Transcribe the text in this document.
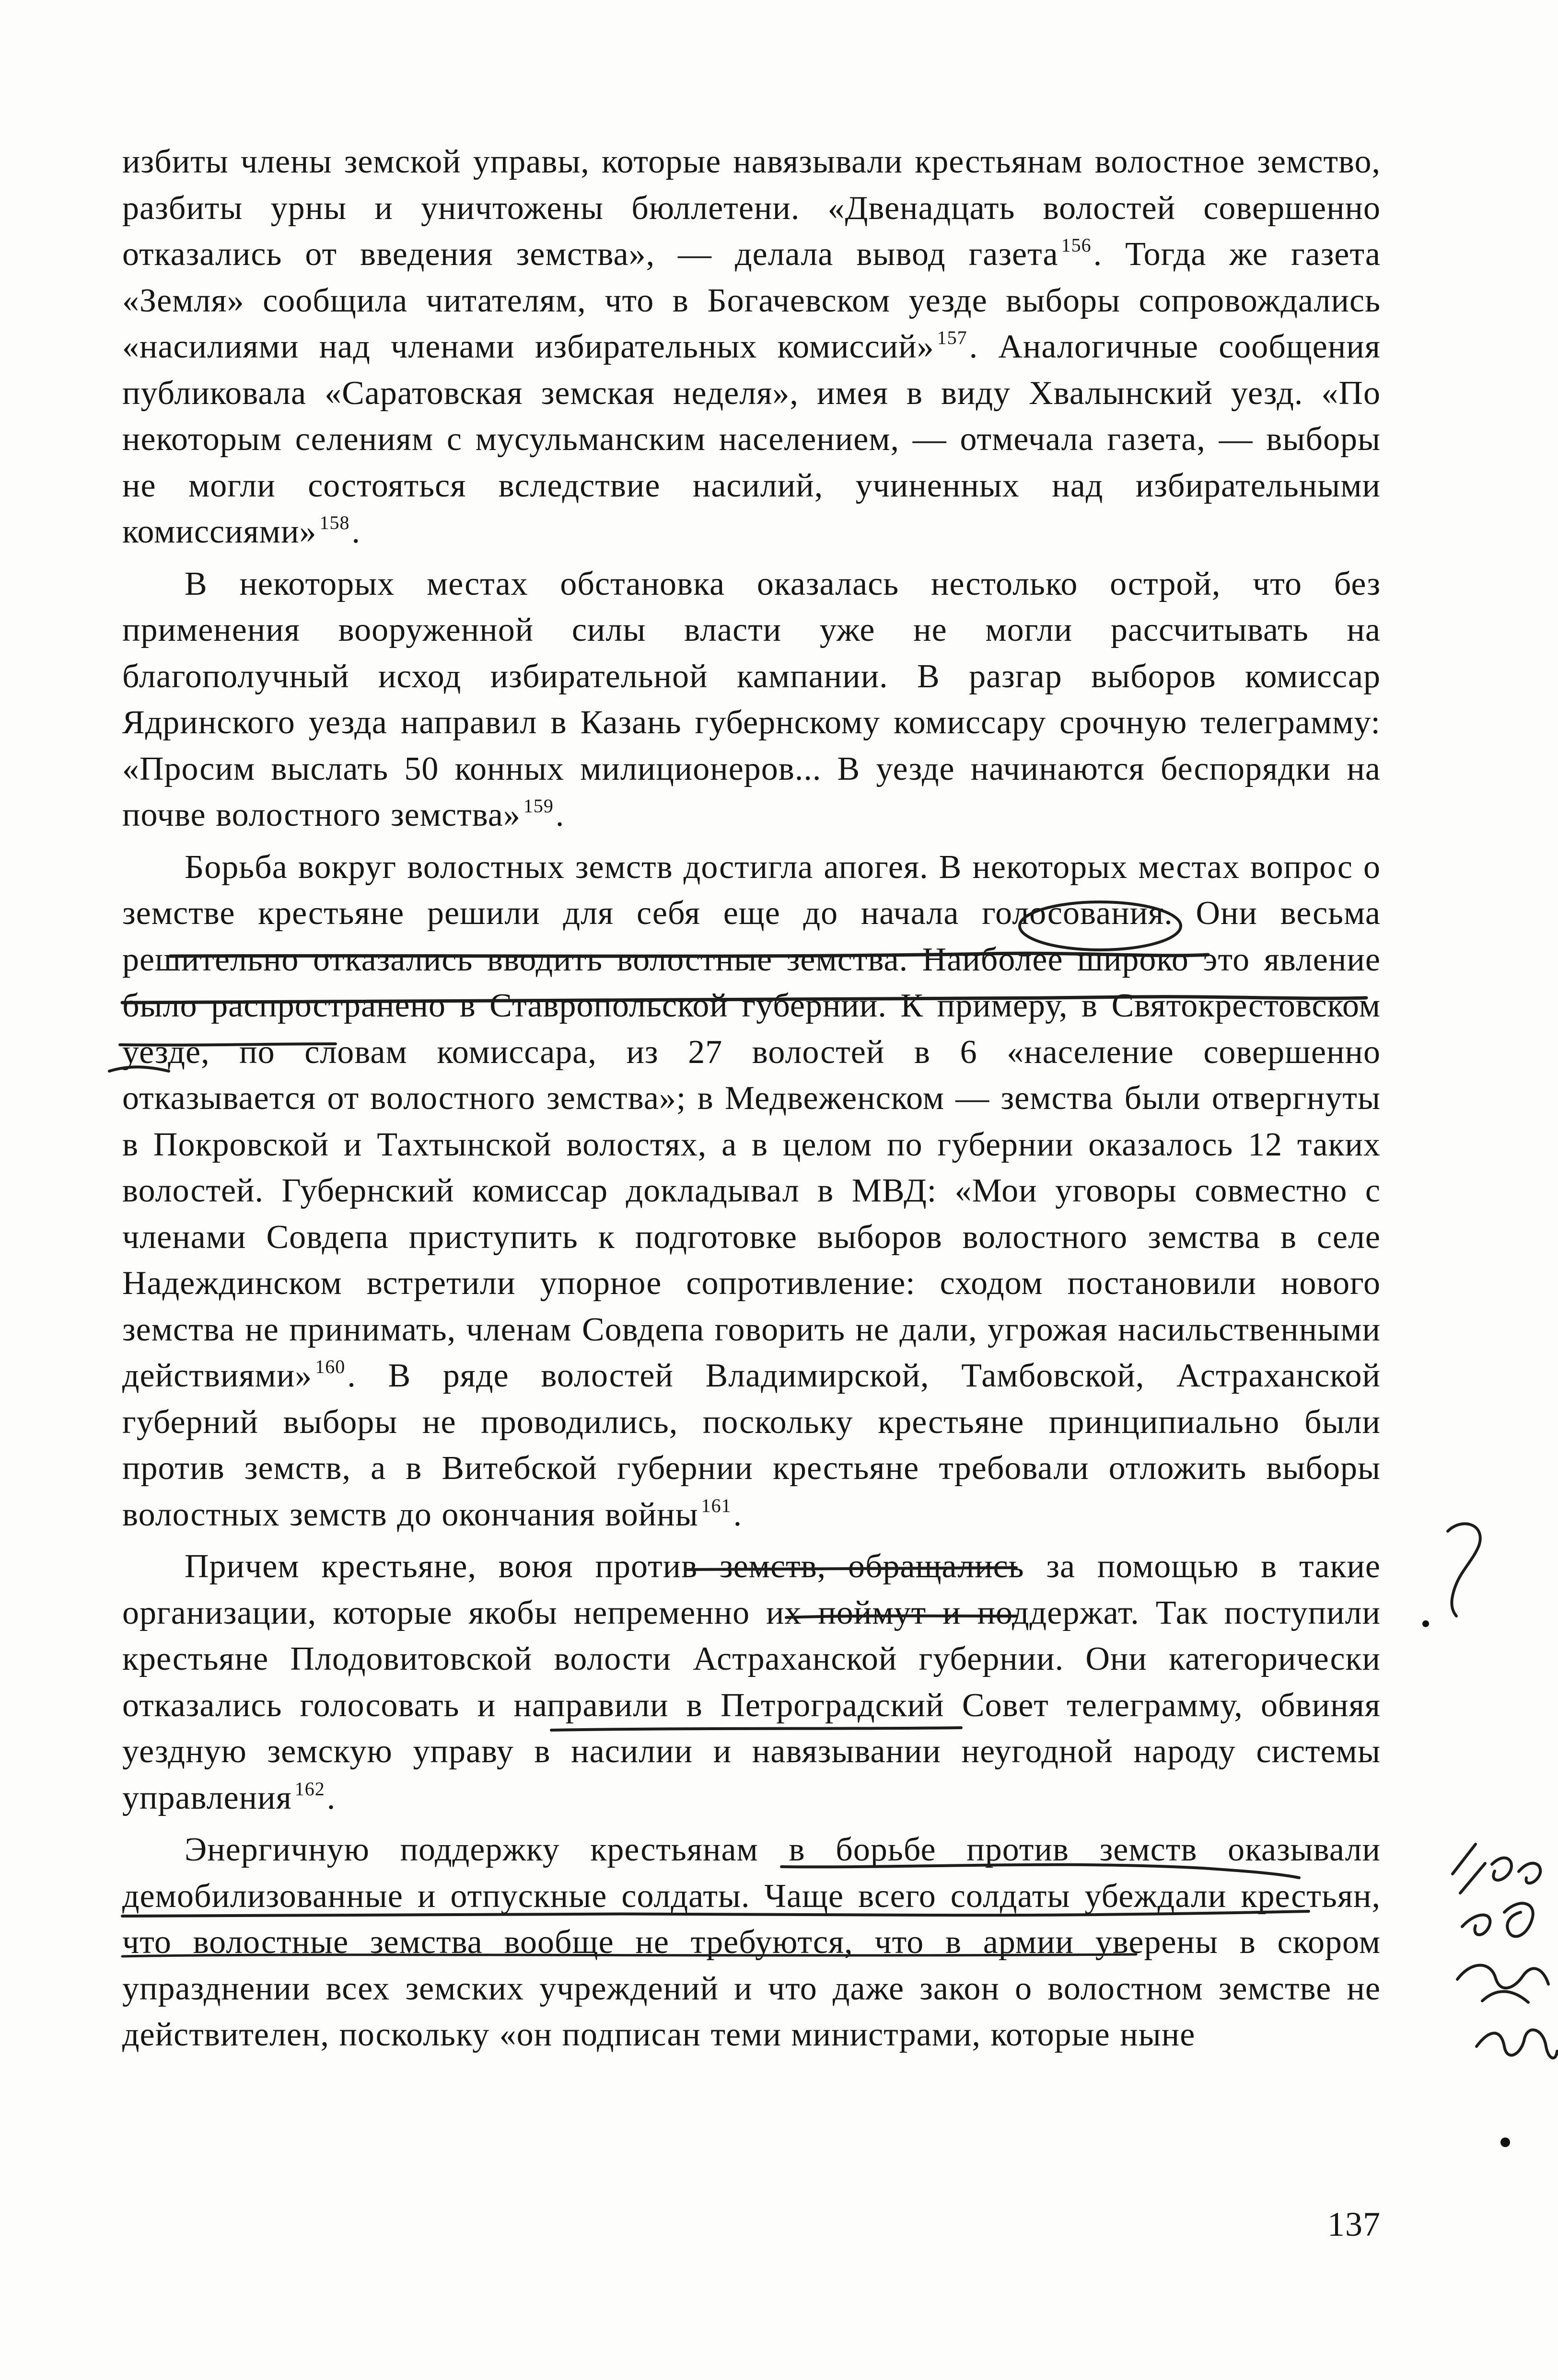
избиты члены земской управы, которые навязывали крестьянам волостное земство, разбиты урны и уничтожены бюллетени. «Двенадцать волостей совершенно отказались от введения земства», — делала вывод газета $^{156}$. Тогда же газета «Земля» сообщила читателям, что в Богачевском уезде выборы сопровождались «насилиями над членами избирательных комиссий» $^{157}$. Аналогичные сообщения публиковала «Саратовская земская неделя», имея в виду Хвалынский уезд. «По некоторым селениям с мусульманским населением, — отмечала газета, — выборы не могли состояться вследствие насилий, учиненных над избирательными комиссиями» $^{158}$.

В некоторых местах обстановка оказалась нестолько острой, что без применения вооруженной силы власти уже не могли рассчитывать на благополучный исход избирательной кампании. В разгар выборов комиссар Ядринского уезда направил в Казань губернскому комиссару срочную телеграмму: «Просим выслать 50 конных милиционеров... В уезде начинаются беспорядки на почве волостного земства» $^{159}$.

Борьба вокруг волостных земств достигла апогея. В некоторых местах вопрос о земстве крестьяне решили для себя еще до начала голосования. Они весьма решительно отказались вводить волостные земства. Наиболее широко это явление было распространено в Ставропольской губернии. К примеру, в Святокрестовском уезде, по словам комиссара, из 27 волостей в 6 «население совершенно отказывается от волостного земства»; в Медвеженском — земства были отвергнуты в Покровской и Тахтынской волостях, а в целом по губернии оказалось 12 таких волостей. Губернский комиссар докладывал в МВД: «Мои уговоры совместно с членами Совдепа приступить к подготовке выборов волостного земства в селе Надеждинском встретили упорное сопротивление: сходом постановили нового земства не принимать, членам Совдепа говорить не дали, угрожая насильственными действиями» $^{160}$. В ряде волостей Владимирской, Тамбовской, Астраханской губерний выборы не проводились, поскольку крестьяне принципиально были против земств, а в Витебской губернии крестьяне требовали отложить выборы волостных земств до окончания войны $^{161}$.

Причем крестьяне, воюя против земств, обращались за помощью в такие организации, которые якобы непременно их поймут и поддержат. Так поступили крестьяне Плодовитовской волости Астраханской губернии. Они категорически отказались голосовать и направили в Петроградский Совет телеграмму, обвиняя уездную земскую управу в насилии и навязывании неугодной народу системы управления $^{162}$.

Энергичную поддержку крестьянам в борьбе против земств оказывали демобилизованные и отпускные солдаты. Чаще всего солдаты убеждали крестьян, что волостные земства вообще не требуются, что в армии уверены в скором упразднении всех земских учреждений и что даже закон о волостном земстве не действителен, поскольку «он подписан теми министрами, которые ныне

137
